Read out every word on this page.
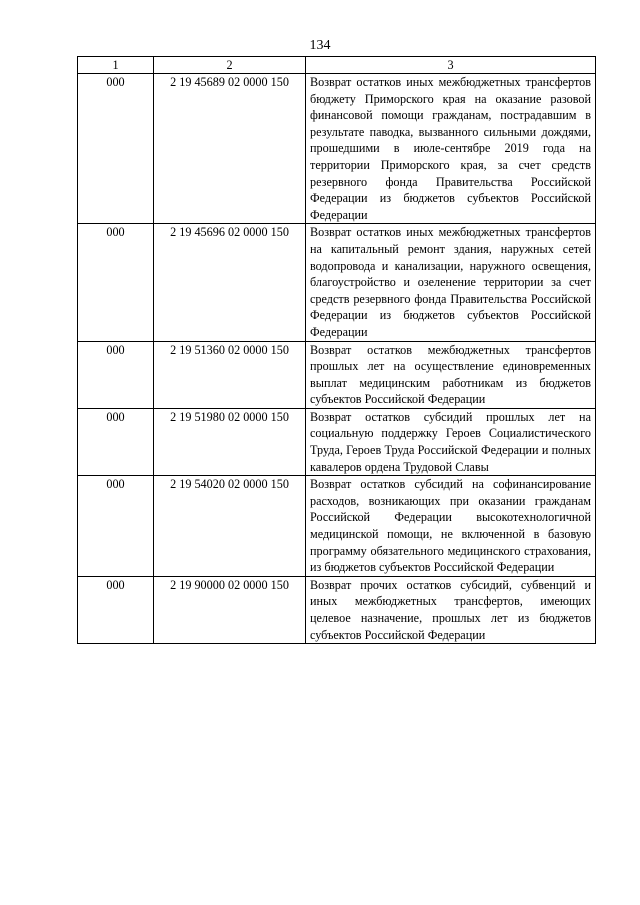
134
1	2	3
000	2 19 45689 02 0000 150	Возврат остатков иных межбюджетных трансфертов бюджету Приморского края на оказание разовой финансовой помощи гражданам, пострадавшим в результате паводка, вызванного сильными дождями, прошедшими в июле-сентябре 2019 года на территории Приморского края, за счет средств резервного фонда Правительства Российской Федерации из бюджетов субъектов Российской Федерации
000	2 19 45696 02 0000 150	Возврат остатков иных межбюджетных трансфертов на капитальный ремонт здания, наружных сетей водопровода и канализации, наружного освещения, благоустройство и озеленение территории за счет средств резервного фонда Правительства Российской Федерации из бюджетов субъектов Российской Федерации
000	2 19 51360 02 0000 150	Возврат остатков межбюджетных трансфертов прошлых лет на осуществление единовременных выплат медицинским работникам из бюджетов субъектов Российской Федерации
000	2 19 51980 02 0000 150	Возврат остатков субсидий прошлых лет на социальную поддержку Героев Социалистического Труда, Героев Труда Российской Федерации и полных кавалеров ордена Трудовой Славы
000	2 19 54020 02 0000 150	Возврат остатков субсидий на софинансирование расходов, возникающих при оказании гражданам Российской Федерации высокотехнологичной медицинской помощи, не включенной в базовую программу обязательного медицинского страхования, из бюджетов субъектов Российской Федерации
000	2 19 90000 02 0000 150	Возврат прочих остатков субсидий, субвенций и иных межбюджетных трансфертов, имеющих целевое назначение, прошлых лет из бюджетов субъектов Российской Федерации
